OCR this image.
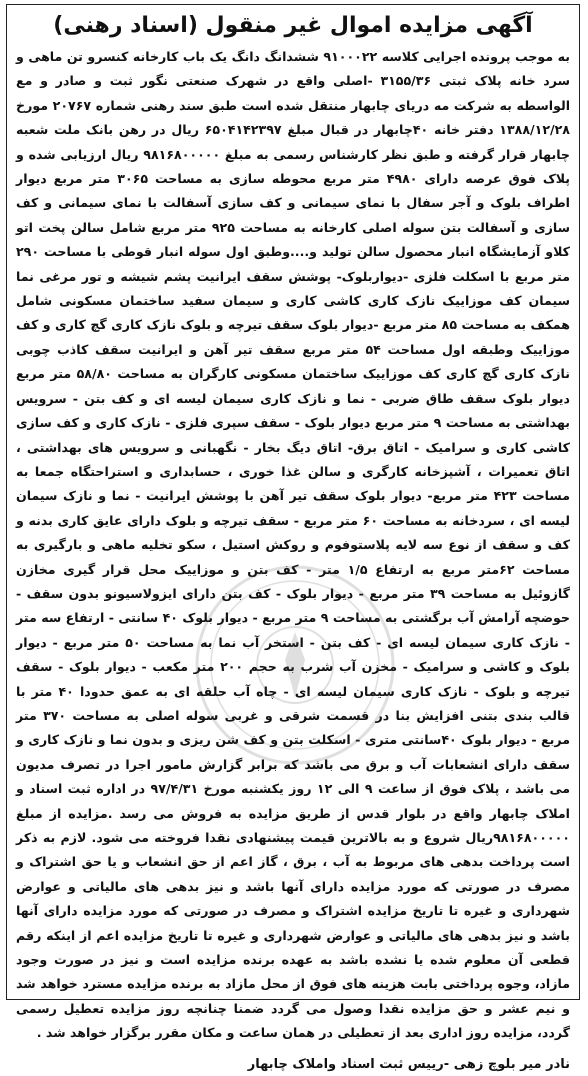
آگهی مزایده اموال غیر منقول (اسناد رهنی)

به موجب پرونده اجرایی کلاسه ۹۱۰۰۰۲۲ ششدانگ دانگ یک باب کارخانه کنسرو تن ماهی و سرد خانه پلاک ثبتی ۳۱۵۵/۳۶ -اصلی واقع در شهرک صنعتی نگور ثبت و صادر و مع الواسطه به شرکت مه دریای چابهار منتقل شده است طبق سند رهنی شماره ۲۰۷۶۷ مورخ ۱۳۸۸/۱۲/۲۸ دفتر خانه ۴۰چابهار در قبال مبلغ ۶۵۰۴۱۴۲۳۹۷ ریال در رهن بانک ملت شعبه چابهار قرار گرفته و طبق نظر کارشناس رسمی به مبلغ ۹۸۱۶۸۰۰۰۰۰ ریال ارزیابی شده و پلاک فوق عرصه دارای ۴۹۸۰ متر مربع محوطه سازی به مساحت ۳۰۶۵ متر مربع دیوار اطراف بلوک و آجر سفال با نمای سیمانی و کف سازی آسفالت با نمای سیمانی و کف سازی و آسفالت بتن سوله اصلی کارخانه به مساحت ۹۲۵ متر مربع شامل سالن پخت اتو کلاو آزمایشگاه انبار محصول سالن تولید و....وطبق اول سوله انبار قوطی با مساحت ۲۹۰ متر مربع با اسکلت فلزی -دیواربلوک- پوشش سقف ایرانیت پشم شیشه و تور مرغی نما سیمان کف موزاییک نازک کاری کاشی کاری و سیمان سفید ساختمان مسکونی شامل همکف به مساحت ۸۵ متر مربع -دیوار بلوک سقف تیرچه و بلوک نازک کاری گچ کاری و کف موزاییک وطبقه اول مساحت ۵۴ متر مربع سقف تیر آهن و ایرانیت سقف کاذب چوبی نازک کاری گچ کاری کف موزاییک ساختمان مسکونی کارگران به مساحت ۵۸/۸۰ متر مربع دیوار بلوک سقف طاق ضربی - نما و نازک کاری سیمان لیسه ای و کف بتن - سرویس بهداشتی به مساحت ۹ متر مربع دیوار بلوک - سقف سپری فلزی - نازک کاری و کف سازی کاشی کاری و سرامیک - اتاق برق- اتاق دیگ بخار - نگهبانی و سرویس های بهداشتی ، اتاق تعمیرات ، آشپزخانه کارگری و سالن غذا خوری ، حسابداری و استراحتگاه جمعا به مساحت ۴۲۳ متر مربع- دیوار بلوک سقف تیر آهن با پوشش ایرانیت - نما و نازک سیمان لیسه ای ، سردخانه به مساحت ۶۰ متر مربع - سقف تیرچه و بلوک دارای عایق کاری بدنه و کف و سقف از نوع سه لایه پلاستوفوم و روکش استیل ، سکو تخلیه ماهی و بارگیری به مساحت ۶۲متر مربع به ارتفاع ۱/۵ متر - کف بتن و موزاییک محل قرار گیری مخازن گازوئیل به مساحت ۳۹ متر مربع - دیوار بلوک - کف بتن دارای ایزولاسیونو بدون سقف - حوضچه آرامش آب برگشتی به مساحت ۹ متر مربع - دیوار بلوک ۴۰ سانتی - ارتفاع سه متر - نازک کاری سیمان لیسه ای - کف بتن - استخر آب نما به مساحت ۵۰ متر مربع - دیوار بلوک و کاشی و سرامیک - مخزن آب شرب به حجم ۲۰۰ متر مکعب - دیوار بلوک - سقف تیرچه و بلوک - نازک کاری سیمان لیسه ای - چاه آب حلقه ای به عمق حدودا ۴۰ متر با قالب بندی بتنی افزایش بنا در قسمت شرقی و غربی سوله اصلی به مساحت ۳۷۰ متر مربع - دیوار بلوک ۴۰سانتی متری - اسکلت بتن و کف شن ریزی و بدون نما و نازک کاری و سقف دارای انشعابات آب و برق می باشد که برابر گزارش مامور اجرا در تصرف مدیون می باشد ، پلاک فوق از ساعت ۹ الی ۱۲ روز یکشنبه مورخ ۹۷/۴/۳۱ در اداره ثبت اسناد و املاک چابهار واقع در بلوار قدس از طریق مزایده به فروش می رسد .مزایده از مبلغ ۹۸۱۶۸۰۰۰۰۰ریال شروع و به بالاترین قیمت پیشنهادی نقدا فروخته می شود. لازم به ذکر است پرداخت بدهی های مربوط به آب ، برق ، گاز اعم از حق انشعاب و یا حق اشتراک و مصرف در صورتی که مورد مزایده دارای آنها باشد و نیز بدهی های مالیاتی و عوارض شهرداری و غیره تا تاریخ مزایده اشتراک و مصرف در صورتی که مورد مزایده دارای آنها باشد و نیز بدهی های مالیاتی و عوارض شهرداری و غیره تا تاریخ مزایده اعم از اینکه رقم قطعی آن معلوم شده یا نشده باشد به عهده برنده مزایده است و نیز در صورت وجود مازاد، وجوه پرداختی بابت هزینه های فوق از محل مازاد به برنده مزایده مسترد خواهد شد و نیم عشر و حق مزایده نقدا وصول می گردد ضمنا چنانچه روز مزایده تعطیل رسمی گردد، مزایده روز اداری بعد از تعطیلی در همان ساعت و مکان مقرر برگزار خواهد شد .

نادر میر بلوچ زهی -رییس ثبت اسناد واملاک چابهار
